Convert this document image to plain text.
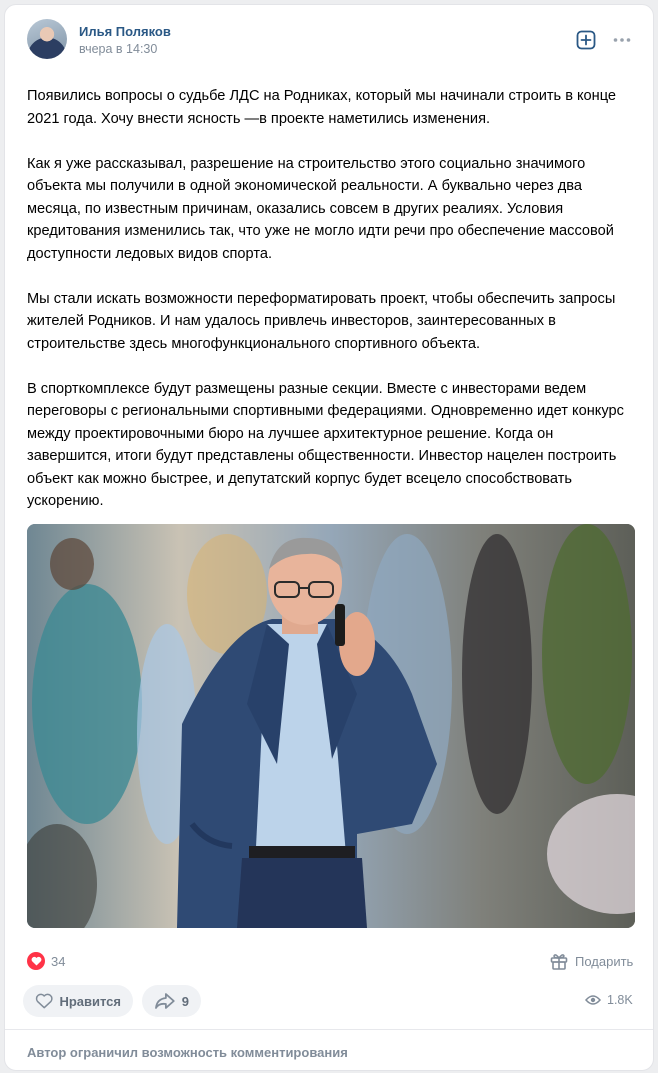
Илья Поляков
вчера в 14:30

Появились вопросы о судьбе ЛДС на Родниках, который мы начинали строить в конце 2021 года. Хочу внести ясность —в проекте наметились изменения.

Как я уже рассказывал, разрешение на строительство этого социально значимого объекта мы получили в одной экономической реальности. А буквально через два месяца, по известным причинам, оказались совсем в других реалиях. Условия кредитования изменились так, что уже не могло идти речи про обеспечение массовой доступности ледовых видов спорта.

Мы стали искать возможности переформатировать проект, чтобы обеспечить запросы жителей Родников. И нам удалось привлечь инвесторов, заинтересованных в строительстве здесь многофункционального спортивного объекта.

В спорткомплексе будут размещены разные секции. Вместе с инвесторами ведем переговоры с региональными спортивными федерациями. Одновременно идет конкурс между проектировочными бюро на лучшее архитектурное решение. Когда он завершится, итоги будут представлены общественности. Инвестор нацелен построить объект как можно быстрее, и депутатский корпус будет всецело способствовать ускорению.

34	Подарить
Нравится	9	1.8K
Автор ограничил возможность комментирования
